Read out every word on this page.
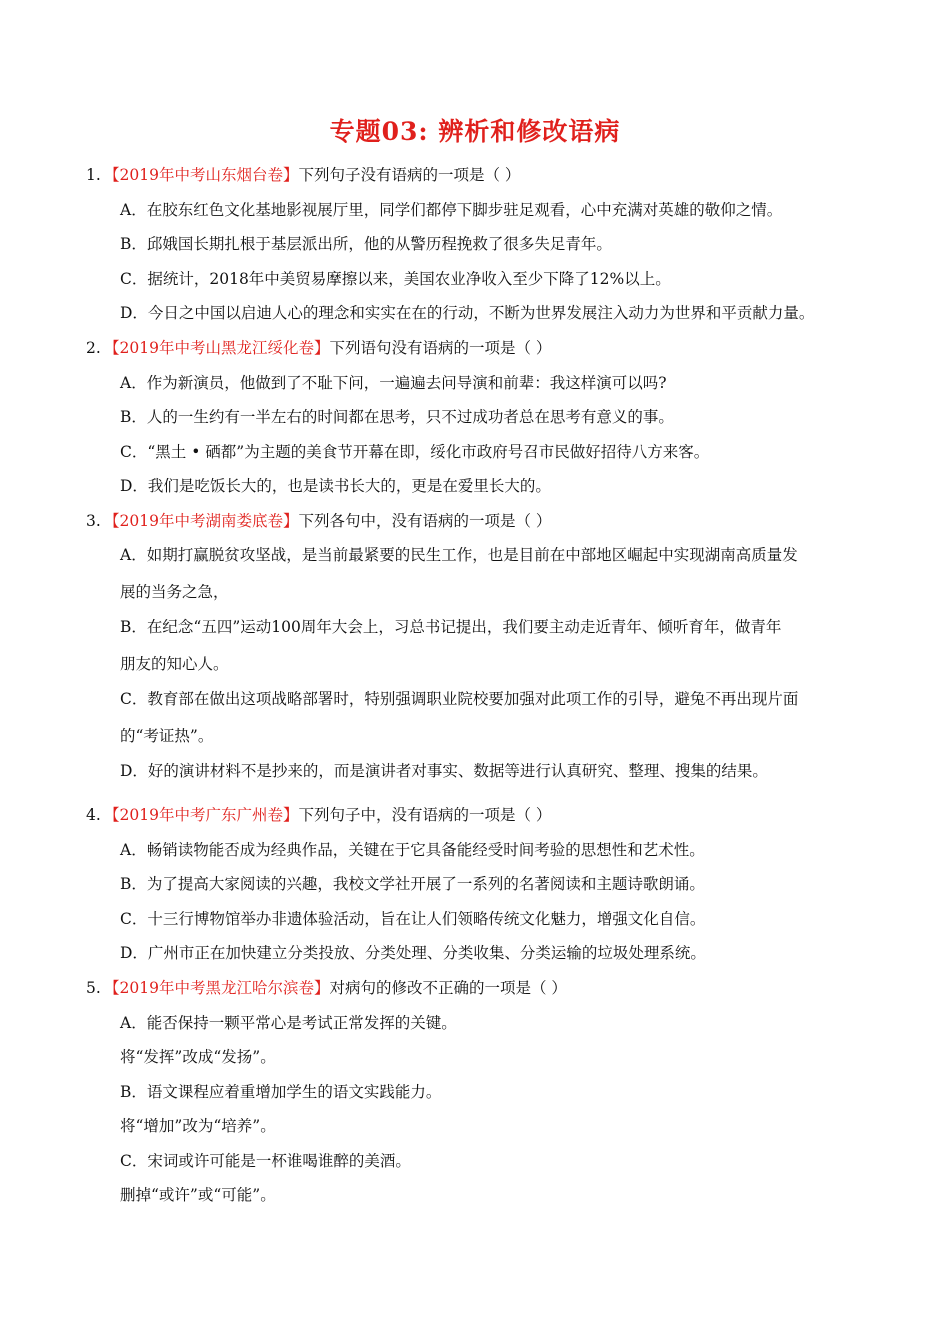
专题03: 辨析和修改语病
1. 【2019年中考山东烟台卷】下列句子没有语病的一项是（ ）
A．在胶东红色文化基地影视展厅里，同学们都停下脚步驻足观看，心中充满对英雄的敬仰之情。
B．邱娥国长期扎根于基层派出所，他的从警历程挽救了很多失足青年。
C．据统计，2018年中美贸易摩擦以来，美国农业净收入至少下降了12%以上。
D．今日之中国以启迪人心的理念和实实在在的行动，不断为世界发展注入动力为世界和平贡献力量。
2. 【2019年中考山黑龙江绥化卷】下列语句没有语病的一项是（ ）
A．作为新演员，他做到了不耻下问，一遍遍去问导演和前辈：我这样演可以吗?
B．人的一生约有一半左右的时间都在思考，只不过成功者总在思考有意义的事。
C．“黑土 • 硒都”为主题的美食节开幕在即，绥化市政府号召市民做好招待八方来客。
D．我们是吃饭长大的，也是读书长大的，更是在爱里长大的。
3. 【2019年中考湖南娄底卷】下列各句中，没有语病的一项是（ ）
A．如期打赢脱贫攻坚战，是当前最紧要的民生工作，也是目前在中部地区崛起中实现湖南高质量发
展的当务之急，
B．在纪念“五四”运动100周年大会上，习总书记提出，我们要主动走近青年、倾听育年，做青年
朋友的知心人。
C．教育部在做出这项战略部署时，特别强调职业院校要加强对此项工作的引导，避兔不再出现片面
的“考证热”。
D．好的演讲材料不是抄来的，而是演讲者对事实、数据等进行认真研究、整理、搜集的结果。
4. 【2019年中考广东广州卷】下列句子中，没有语病的一项是（ ）
A．畅销读物能否成为经典作品，关键在于它具备能经受时间考验的思想性和艺术性。
B．为了提高大家阅读的兴趣，我校文学社开展了一系列的名著阅读和主题诗歌朗诵。
C．十三行博物馆举办非遗体验活动，旨在让人们领略传统文化魅力，增强文化自信。
D．广州市正在加快建立分类投放、分类处理、分类收集、分类运输的垃圾处理系统。
5. 【2019年中考黑龙江哈尔滨卷】对病句的修改不正确的一项是（ ）
A．能否保持一颗平常心是考试正常发挥的关键。
将“发挥”改成“发扬”。
B．语文课程应着重增加学生的语文实践能力。
将“增加”改为“培养”。
C．宋词或许可能是一杯谁喝谁醉的美酒。
删掉“或许”或“可能”。
